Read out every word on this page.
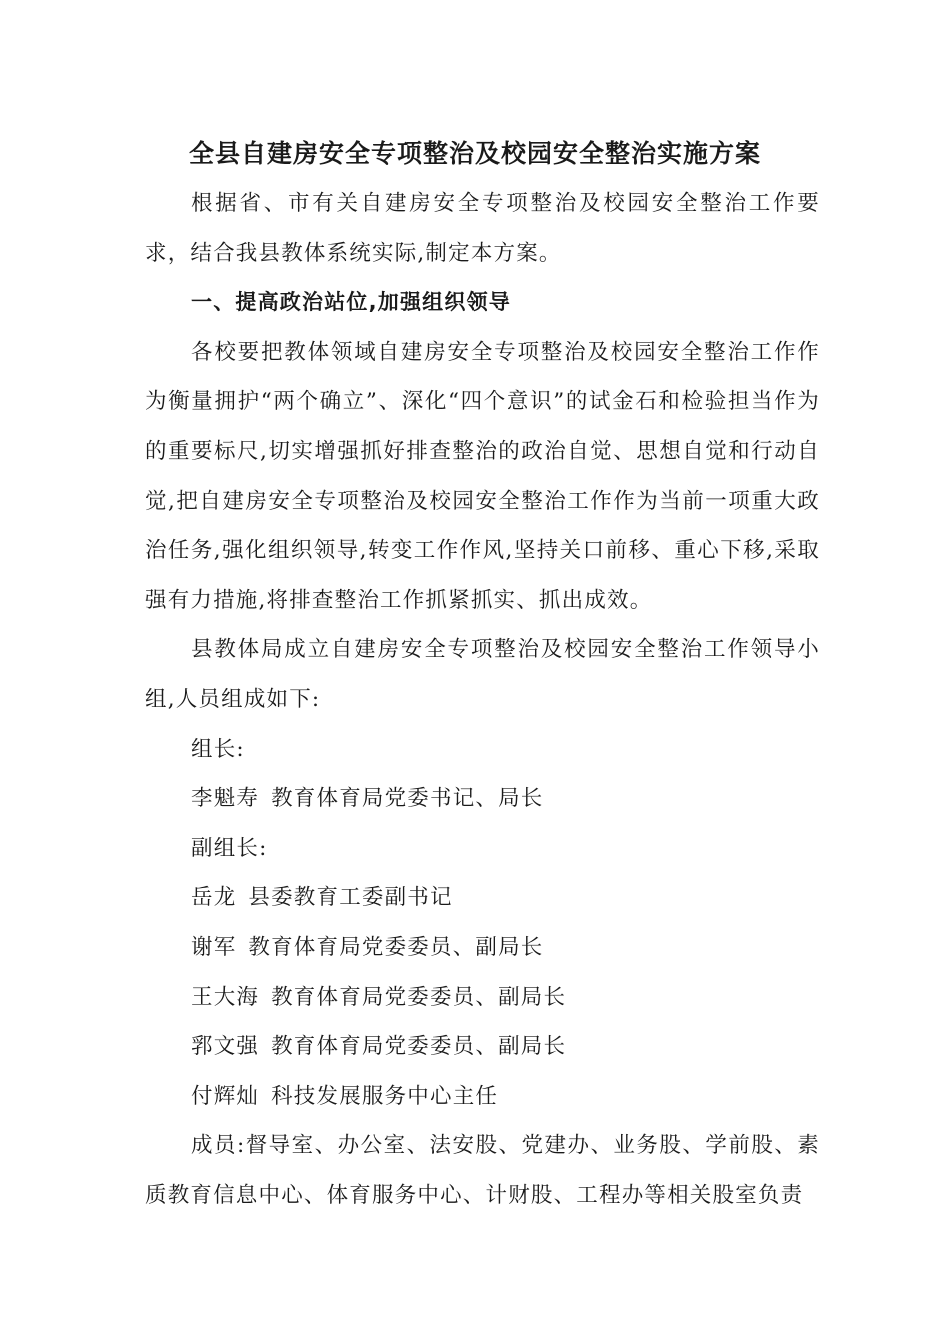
全县自建房安全专项整治及校园安全整治实施方案

根据省、市有关自建房安全专项整治及校园安全整治工作要求，结合我县教体系统实际,制定本方案。

一、提高政治站位,加强组织领导

各校要把教体领域自建房安全专项整治及校园安全整治工作作为衡量拥护“两个确立”、深化“四个意识”的试金石和检验担当作为的重要标尺,切实增强抓好排查整治的政治自觉、思想自觉和行动自觉,把自建房安全专项整治及校园安全整治工作作为当前一项重大政治任务,强化组织领导,转变工作作风,坚持关口前移、重心下移,采取强有力措施,将排查整治工作抓紧抓实、抓出成效。

县教体局成立自建房安全专项整治及校园安全整治工作领导小组,人员组成如下:

组长:

李魁寿 教育体育局党委书记、局长

副组长:

岳龙 县委教育工委副书记

谢军 教育体育局党委委员、副局长

王大海 教育体育局党委委员、副局长

郛文强 教育体育局党委委员、副局长

付辉灿 科技发展服务中心主任

成员:督导室、办公室、法安股、党建办、业务股、学前股、素质教育信息中心、体育服务中心、计财股、工程办等相关股室负责
